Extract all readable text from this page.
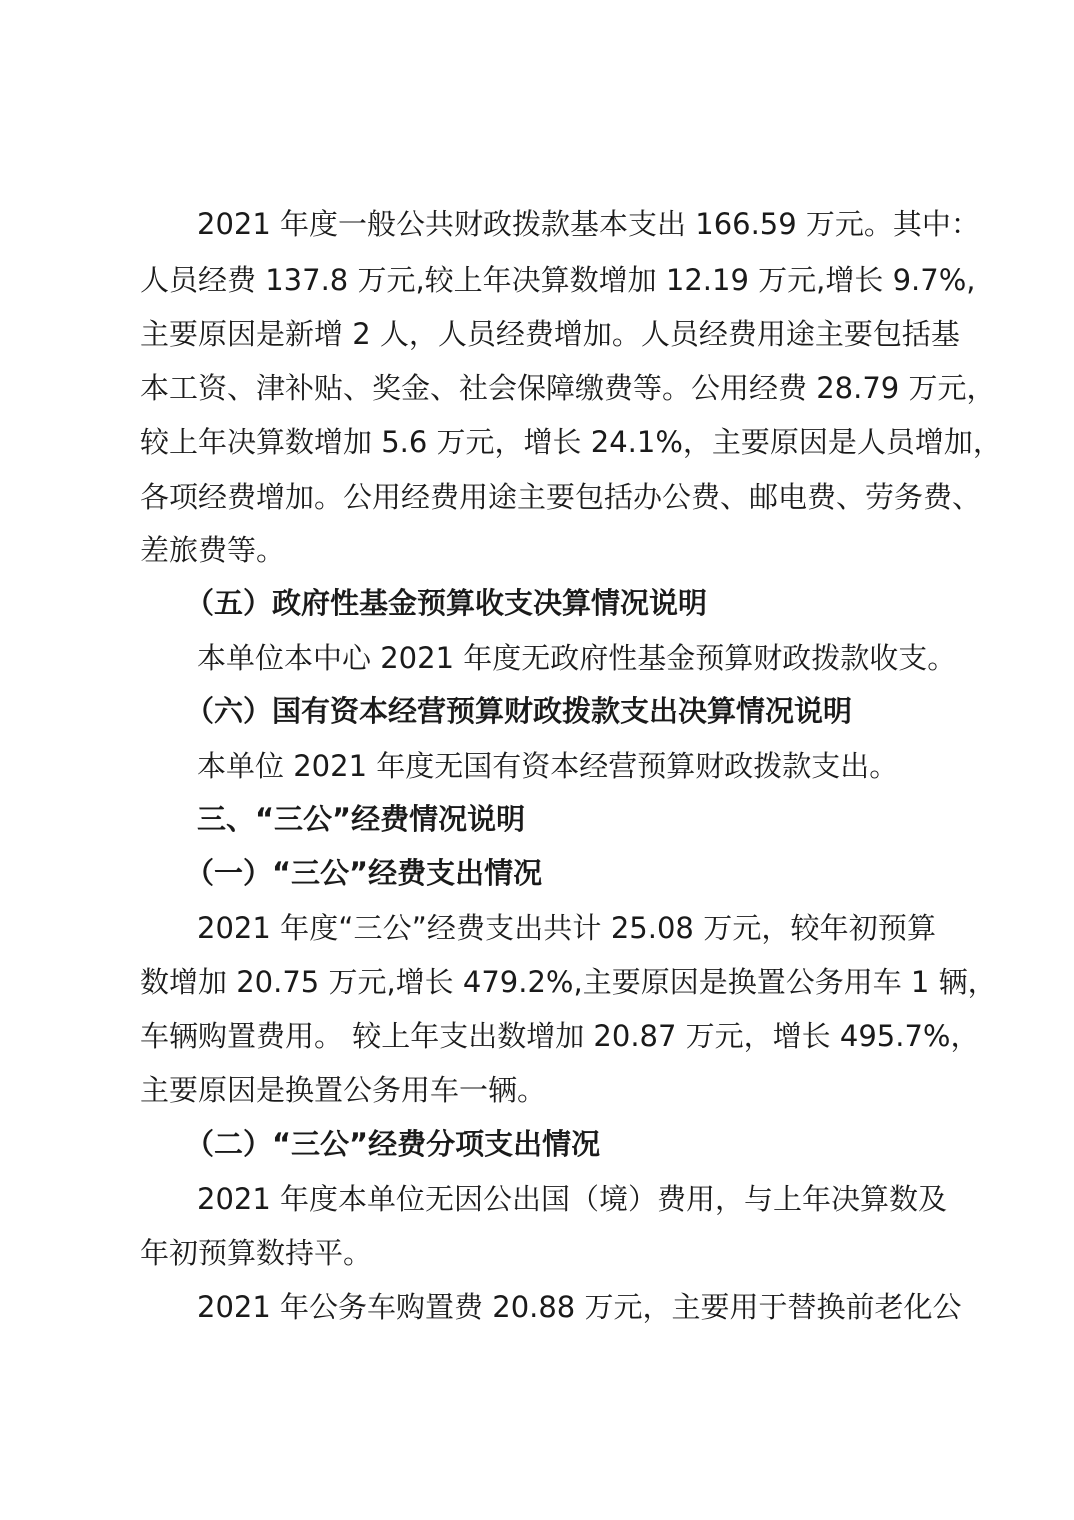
2021 年度一般公共财政拨款基本支出 166.59 万元。其中：
人员经费 137.8 万元,较上年决算数增加 12.19 万元,增长 9.7%,
主要原因是新增 2 人，人员经费增加。人员经费用途主要包括基
本工资、津补贴、奖金、社会保障缴费等。公用经费 28.79 万元，
较上年决算数增加 5.6 万元，增长 24.1%，主要原因是人员增加，
各项经费增加。公用经费用途主要包括办公费、邮电费、劳务费、
差旅费等。
（五）政府性基金预算收支决算情况说明
本单位本中心 2021 年度无政府性基金预算财政拨款收支。
（六）国有资本经营预算财政拨款支出决算情况说明
本单位 2021 年度无国有资本经营预算财政拨款支出。
三、“三公”经费情况说明
（一）“三公”经费支出情况
2021 年度“三公”经费支出共计 25.08 万元，较年初预算
数增加 20.75 万元,增长 479.2%,主要原因是换置公务用车 1 辆，
车辆购置费用。 较上年支出数增加 20.87 万元，增长 495.7%，
主要原因是换置公务用车一辆。
（二）“三公”经费分项支出情况
2021 年度本单位无因公出国（境）费用，与上年决算数及
年初预算数持平。
2021 年公务车购置费 20.88 万元，主要用于替换前老化公
